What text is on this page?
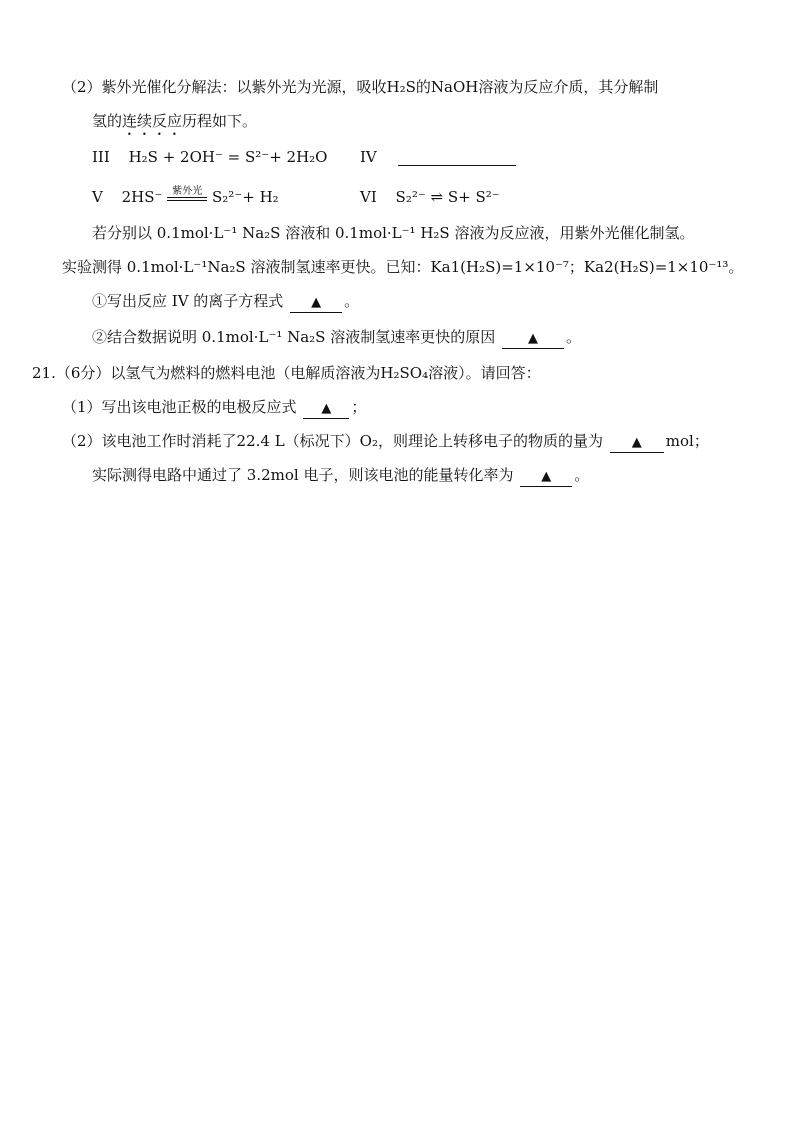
（2）紫外光催化分解法：以紫外光为光源，吸收H₂S的NaOH溶液为反应介质，其分解制
氢的连续反应历程如下。
III H₂S + 2OH⁻ = S²⁻+ 2H₂O IV
V 2HS⁻ 紫外光 S₂²⁻+ H₂	VI S₂²⁻ ⇌ S+ S²⁻
若分别以 0.1mol·L⁻¹ Na₂S 溶液和 0.1mol·L⁻¹ H₂S 溶液为反应液，用紫外光催化制氢。
实验测得 0.1mol·L⁻¹Na₂S 溶液制氢速率更快。已知：Ka1(H₂S)=1×10⁻⁷；Ka2(H₂S)=1×10⁻¹³。
①写出反应 IV 的离子方程式 ▲ 。
②结合数据说明 0.1mol·L⁻¹ Na₂S 溶液制氢速率更快的原因	▲ 。
21.（6分）以氢气为燃料的燃料电池（电解质溶液为H₂SO₄溶液）。请回答：
（1）写出该电池正极的电极反应式 ▲ ；
（2）该电池工作时消耗了22.4 L（标况下）O₂，则理论上转移电子的物质的量为 ▲ mol；
实际测得电路中通过了 3.2mol 电子，则该电池的能量转化率为 ▲ 。
